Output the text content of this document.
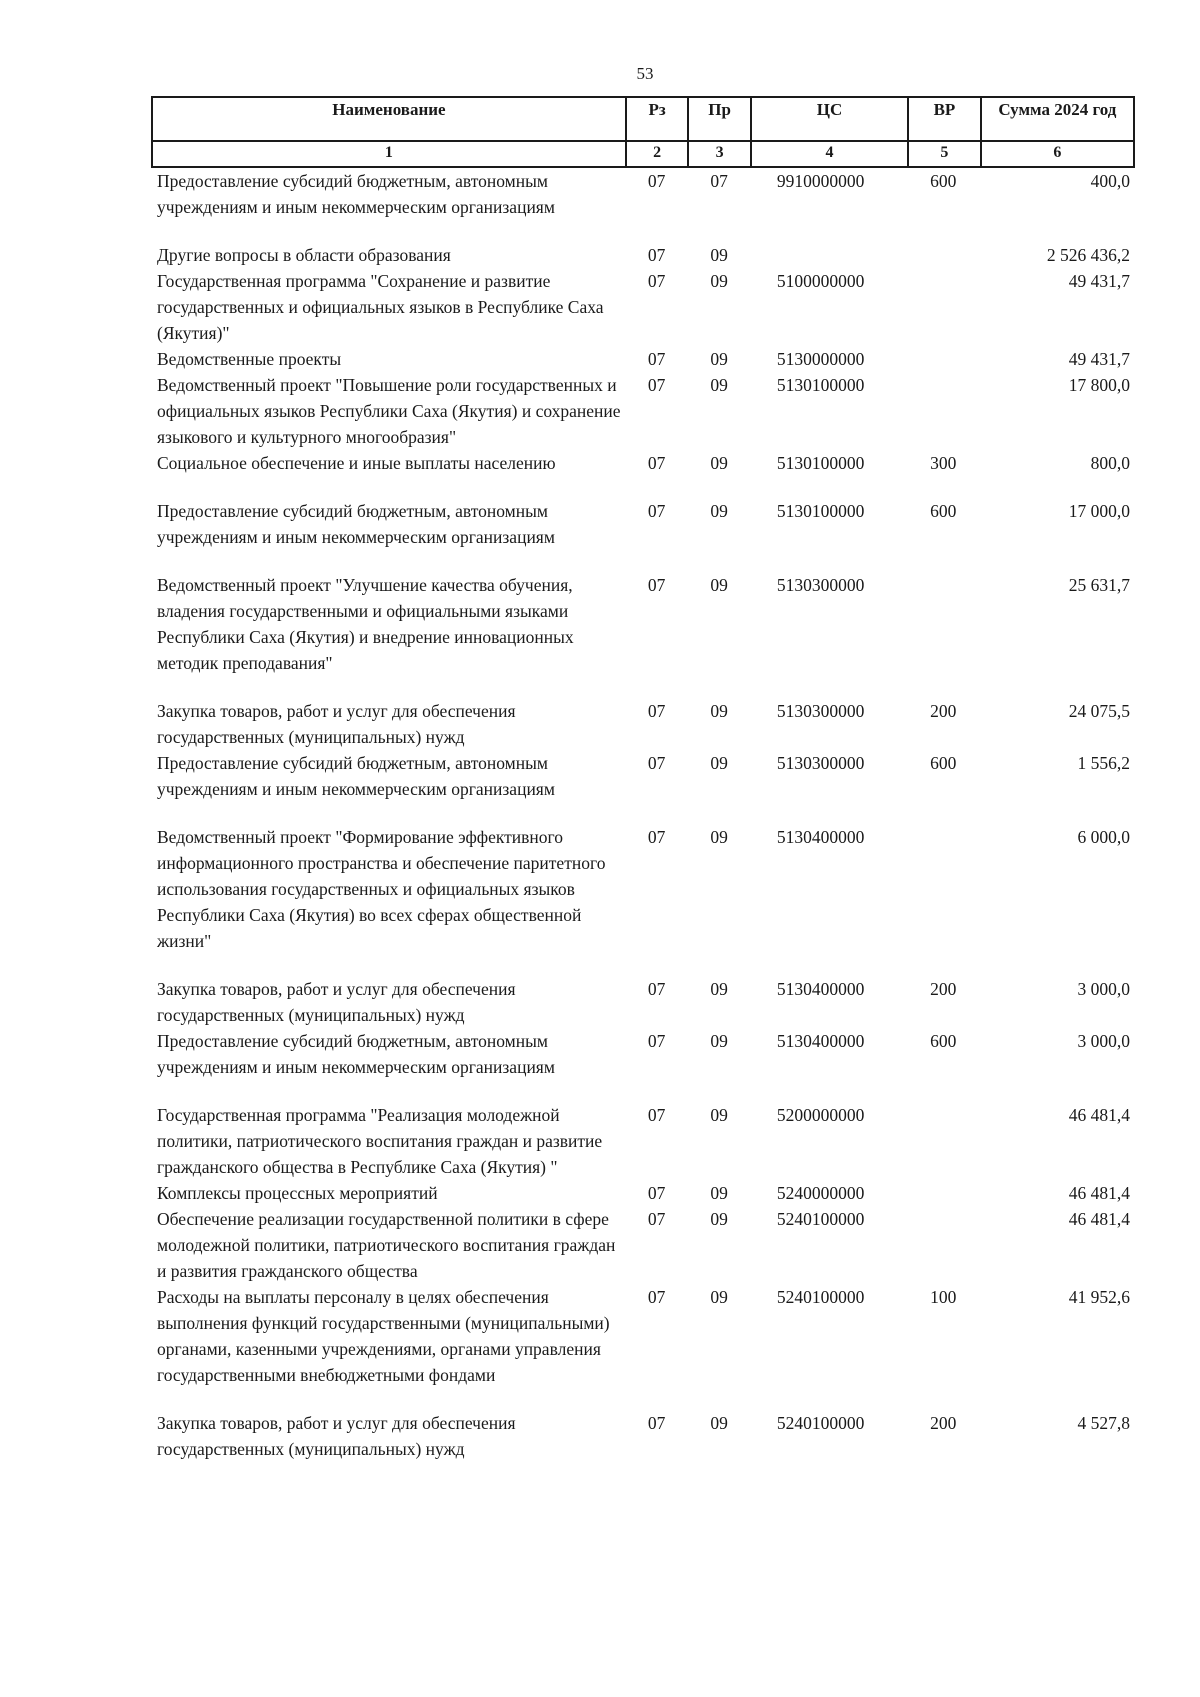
53
Наименование	Рз	Пр	ЦС	ВР	Сумма 2024 год
1	2	3	4	5	6
Предоставление субсидий бюджетным, автономным учреждениям и иным некоммерческим организациям	07	07	9910000000	600	400,0
Другие вопросы в области образования	07	09			2 526 436,2
Государственная программа "Сохранение и развитие государственных и официальных языков в Республике Саха (Якутия)"	07	09	5100000000		49 431,7
Ведомственные проекты	07	09	5130000000		49 431,7
Ведомственный проект "Повышение роли государственных и официальных языков Республики Саха (Якутия) и сохранение языкового и культурного многообразия"	07	09	5130100000		17 800,0
Социальное обеспечение и иные выплаты населению	07	09	5130100000	300	800,0
Предоставление субсидий бюджетным, автономным учреждениям и иным некоммерческим организациям	07	09	5130100000	600	17 000,0
Ведомственный проект "Улучшение качества обучения, владения государственными и официальными языками Республики Саха (Якутия) и внедрение инновационных методик преподавания"	07	09	5130300000		25 631,7
Закупка товаров, работ и услуг для обеспечения государственных (муниципальных) нужд	07	09	5130300000	200	24 075,5
Предоставление субсидий бюджетным, автономным учреждениям и иным некоммерческим организациям	07	09	5130300000	600	1 556,2
Ведомственный проект "Формирование эффективного информационного пространства и обеспечение паритетного использования государственных и официальных языков Республики Саха (Якутия) во всех сферах общественной жизни"	07	09	5130400000		6 000,0
Закупка товаров, работ и услуг для обеспечения государственных (муниципальных) нужд	07	09	5130400000	200	3 000,0
Предоставление субсидий бюджетным, автономным учреждениям и иным некоммерческим организациям	07	09	5130400000	600	3 000,0
Государственная программа "Реализация молодежной политики, патриотического воспитания граждан и развитие гражданского общества в Республике Саха (Якутия) "	07	09	5200000000		46 481,4
Комплексы процессных мероприятий	07	09	5240000000		46 481,4
Обеспечение реализации государственной политики в сфере молодежной политики, патриотического воспитания граждан и развития гражданского общества	07	09	5240100000		46 481,4
Расходы на выплаты персоналу в целях обеспечения выполнения функций государственными (муниципальными) органами, казенными учреждениями, органами управления государственными внебюджетными фондами	07	09	5240100000	100	41 952,6
Закупка товаров, работ и услуг для обеспечения государственных (муниципальных) нужд	07	09	5240100000	200	4 527,8
